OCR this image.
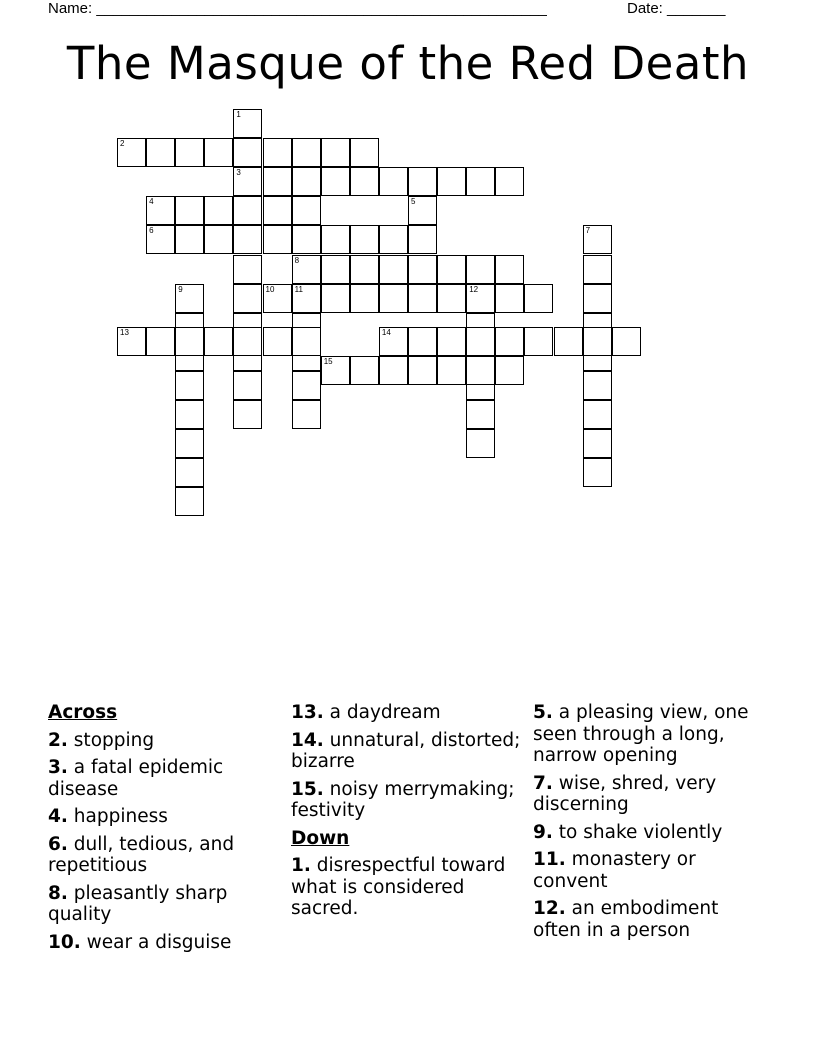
Name: ______________________________________________________	Date: _______
The Masque of the Red Death
1
3
2
4	5
6	7
8
9	10	11	12
13	14
15
Across
2. stopping
3. a fatal epidemic disease
4. happiness
6. dull, tedious, and repetitious
8. pleasantly sharp quality
10. wear a disguise
13. a daydream
14. unnatural, distorted; bizarre
15. noisy merrymaking; festivity
Down
1. disrespectful toward what is considered sacred.
5. a pleasing view, one seen through a long, narrow opening
7. wise, shred, very discerning
9. to shake violently
11. monastery or convent
12. an embodiment often in a person
